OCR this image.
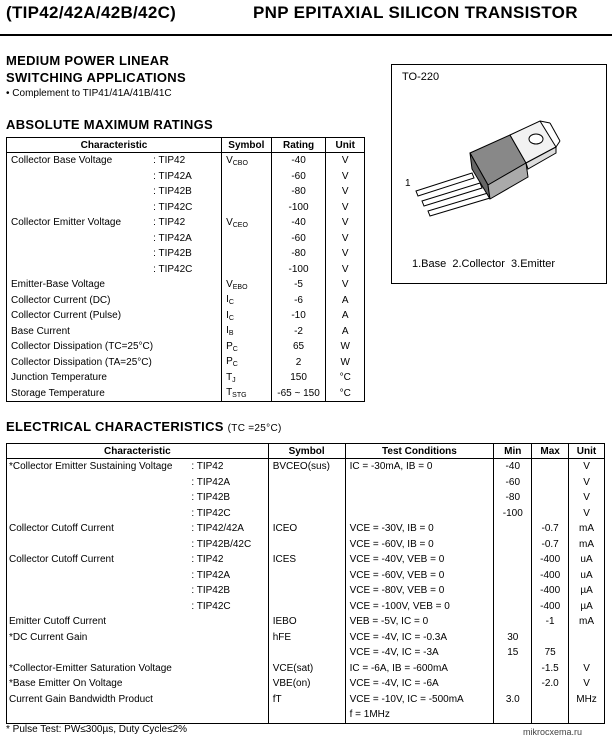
(TIP42/42A/42B/42C)	PNP EPITAXIAL SILICON TRANSISTOR
MEDIUM POWER LINEAR
SWITCHING APPLICATIONS
• Complement to TIP41/41A/41B/41C
TO-220
1
1.Base  2.Collector  3.Emitter
ABSOLUTE MAXIMUM RATINGS
Characteristic		Symbol	Rating	Unit
Collector Base Voltage	: TIP42	$V_{CBO}$	-40	V
	: TIP42A		-60	V
	: TIP42B		-80	V
	: TIP42C		-100	V
Collector Emitter Voltage	: TIP42	$V_{CEO}$	-40	V
	: TIP42A		-60	V
	: TIP42B		-80	V
	: TIP42C		-100	V
Emitter-Base Voltage		$V_{EBO}$	-5	V
Collector Current (DC)		$I_C$	-6	A
Collector Current (Pulse)		$I_C$	-10	A
Base Current		$I_B$	-2	A
Collector Dissipation (TC=25°C)		$P_C$	65	W
Collector Dissipation (TA=25°C)		$P_C$	2	W
Junction Temperature		$T_J$	150	°C
Storage Temperature		$T_{STG}$	-65 ~ 150	°C
ELECTRICAL CHARACTERISTICS (TC =25°C)
Characteristic		Symbol	Test Conditions	Min	Max	Unit
*Collector Emitter Sustaining Voltage	: TIP42	BVCEO(sus)	IC = -30mA, IB = 0	-40		V
	: TIP42A			-60		V
	: TIP42B			-80		V
	: TIP42C			-100		V
Collector Cutoff Current	: TIP42/42A	ICEO	VCE = -30V, IB = 0		-0.7	mA
	: TIP42B/42C		VCE = -60V, IB = 0		-0.7	mA
Collector Cutoff Current	: TIP42	ICES	VCE = -40V, VEB = 0		-400	uA
	: TIP42A		VCE = -60V, VEB = 0		-400	uA
	: TIP42B		VCE = -80V, VEB = 0		-400	µA
	: TIP42C		VCE = -100V, VEB = 0		-400	µA
Emitter Cutoff Current		IEBO	VEB = -5V, IC = 0		-1	mA
*DC Current Gain		hFE	VCE = -4V, IC = -0.3A	30		
			VCE = -4V, IC = -3A	15	75	
*Collector-Emitter Saturation Voltage		VCE(sat)	IC = -6A, IB = -600mA		-1.5	V
*Base Emitter On Voltage		VBE(on)	VCE = -4V, IC = -6A		-2.0	V
Current Gain Bandwidth Product		fT	VCE = -10V, IC = -500mA	3.0		MHz
			f = 1MHz			
* Pulse Test: PW≤300µs, Duty Cycle≤2%	mikrocxema.ru
